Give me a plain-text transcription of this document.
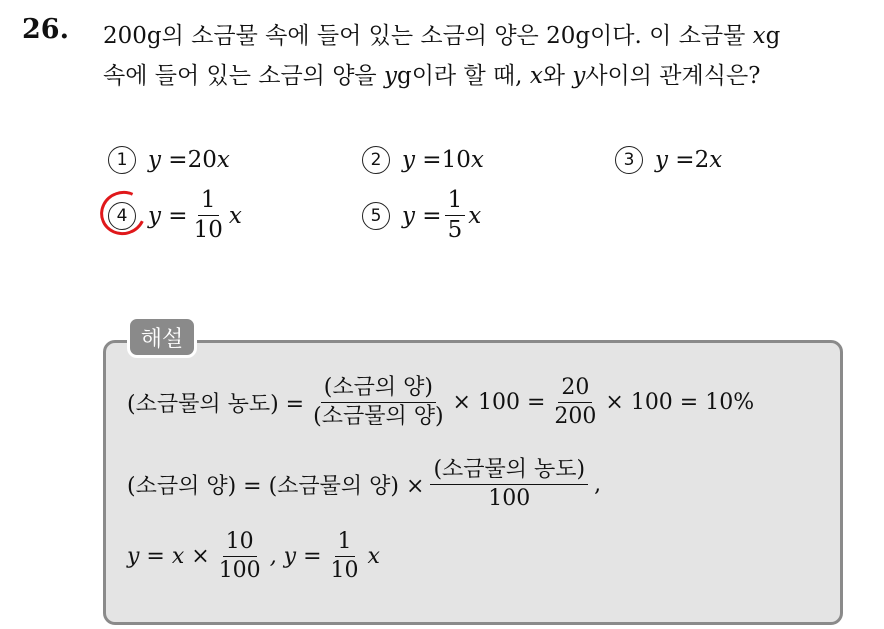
26. 200g의 소금물 속에 들어 있는 소금의 양은 20g이다. 이 소금물 xg
속에 들어 있는 소금의 양을 yg이라 할 때, x와 y사이의 관계식은?
1 y = 20 x	2 y = 10 x	3 y = 2 x
4 $y = \frac{1}{10}$ x	5 $y = \frac{1}{5}$ x
해설
(소금물의 농도) = $\frac{\text{(소금의 양)}}{\text{(소금물의 양)}} \times 100 = \frac{20}{200} \times 100 = 10\%$
(소금의 양) = (소금물의 양) × $\frac{\text{(소금물의 농도)}}{100}$ ,
$y = x \times \frac{10}{100}$ , $y = \frac{1}{10}$ x
